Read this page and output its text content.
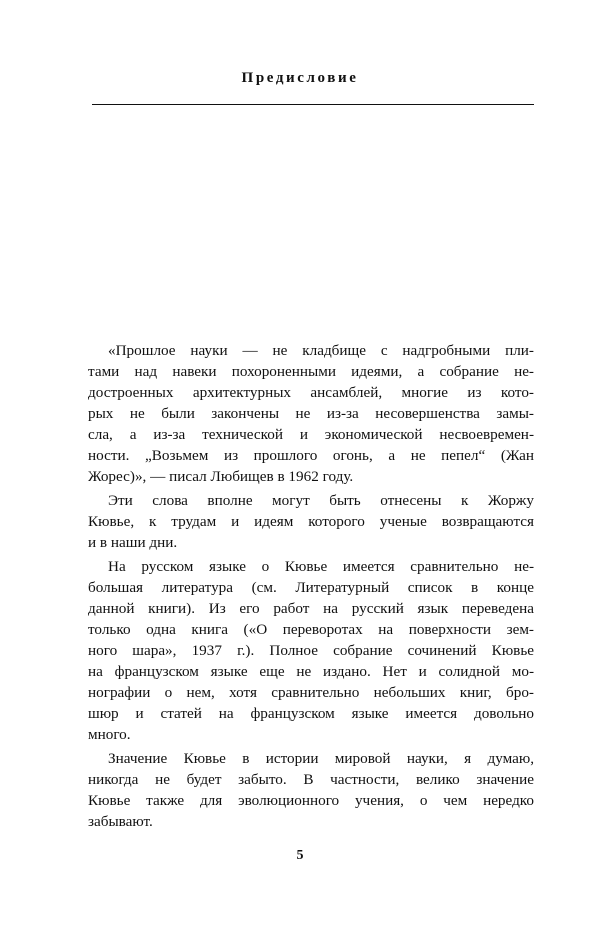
Предисловие
«Прошлое науки — не кладбище с надгробными пли-
тами над навеки похороненными идеями, а собрание не-
достроенных архитектурных ансамблей, многие из кото-
рых не были закончены не из-за несовершенства замы-
сла, а из-за технической и экономической несвоевремен-
ности. „Возьмем из прошлого огонь, а не пепел“ (Жан
Жорес)», — писал Любищев в 1962 году.
Эти слова вполне могут быть отнесены к Жоржу
Кювье, к трудам и идеям которого ученые возвращаются
и в наши дни.
На русском языке о Кювье имеется сравнительно не-
большая литература (см. Литературный список в конце
данной книги). Из его работ на русский язык переведена
только одна книга («О переворотах на поверхности зем-
ного шара», 1937 г.). Полное собрание сочинений Кювье
на французском языке еще не издано. Нет и солидной мо-
нографии о нем, хотя сравнительно небольших книг, бро-
шюр и статей на французском языке имеется довольно
много.
Значение Кювье в истории мировой науки, я думаю,
никогда не будет забыто. В частности, велико значение
Кювье также для эволюционного учения, о чем нередко
забывают.
5
